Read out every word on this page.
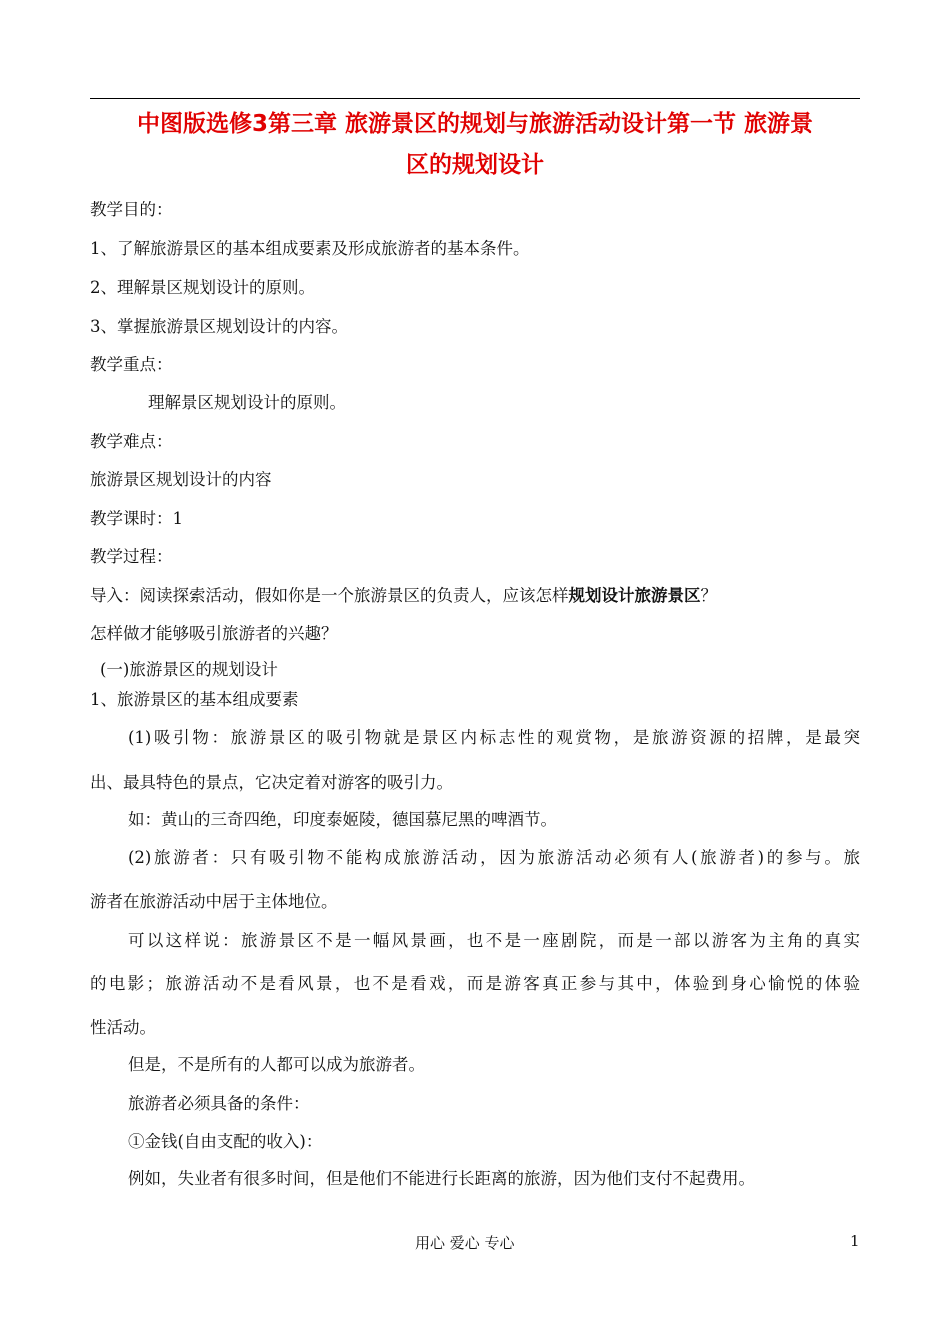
中图版选修3第三章 旅游景区的规划与旅游活动设计第一节 旅游景
区的规划设计
教学目的：
1、了解旅游景区的基本组成要素及形成旅游者的基本条件。
2、理解景区规划设计的原则。
3、掌握旅游景区规划设计的内容。
教学重点：
理解景区规划设计的原则。
教学难点：
旅游景区规划设计的内容
教学课时：1
教学过程：
导入：阅读探索活动，假如你是一个旅游景区的负责人，应该怎样规划设计旅游景区？
怎样做才能够吸引旅游者的兴趣？
(一)旅游景区的规划设计
1、旅游景区的基本组成要素
(1)吸引物：旅游景区的吸引物就是景区内标志性的观赏物，是旅游资源的招牌，是最突
出、最具特色的景点，它决定着对游客的吸引力。
如：黄山的三奇四绝，印度泰姬陵，德国慕尼黑的啤酒节。
(2)旅游者：只有吸引物不能构成旅游活动，因为旅游活动必须有人(旅游者)的参与。旅
游者在旅游活动中居于主体地位。
可以这样说：旅游景区不是一幅风景画，也不是一座剧院，而是一部以游客为主角的真实
的电影；旅游活动不是看风景，也不是看戏，而是游客真正参与其中，体验到身心愉悦的体验
性活动。
但是，不是所有的人都可以成为旅游者。
旅游者必须具备的条件：
①金钱(自由支配的收入)：
例如，失业者有很多时间，但是他们不能进行长距离的旅游，因为他们支付不起费用。
用心 爱心 专心	1
